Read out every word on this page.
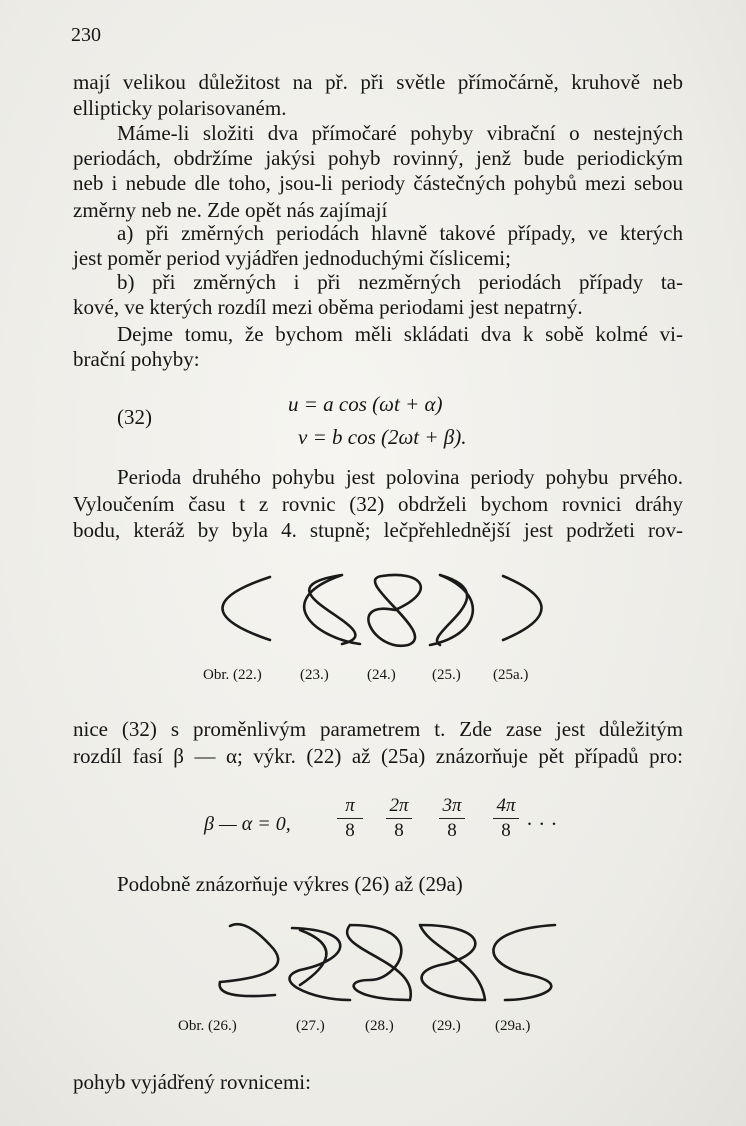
230
mají velikou důležitost na př. při světle přímočárně, kruhově neb
ellipticky polarisovaném.
Máme-li složiti dva přímočaré pohyby vibrační o nestejných
periodách, obdržíme jakýsi pohyb rovinný, jenž bude periodickým
neb i nebude dle toho, jsou-li periody částečných pohybů mezi sebou
změrny neb ne. Zde opět nás zajímají
a) při změrných periodách hlavně takové případy, ve kterých
jest poměr period vyjádřen jednoduchými číslicemi;
b) při změrných i při nezměrných periodách případy ta-
kové, ve kterých rozdíl mezi oběma periodami jest nepatrný.
Dejme tomu, že bychom měli skládati dva k sobě kolmé vi-
brační pohyby:
(32)
u = a cos (ωt + α)
v = b cos (2ωt + β).
Perioda druhého pohybu jest polovina periody pohybu prvého.
Vyloučením času t z rovnic (32) obdrželi bychom rovnici dráhy
bodu, kteráž by byla 4. stupně; lečpřehlednější jest podržeti rov-
Obr. (22.)	(23.)	(24.) (25.) (25a.)
nice (32) s proměnlivým parametrem t. Zde zase jest důležitým
rozdíl fasí β — α; výkr. (22) až (25a) znázorňuje pět případů pro:
β — α = 0,
π
8
2π
8
3π
8
4π
8 · · ·
Podobně znázorňuje výkres (26) až (29a)
Obr. (26.)	(27.)	(28.)	(29.) (29a.)
pohyb vyjádřený rovnicemi:
